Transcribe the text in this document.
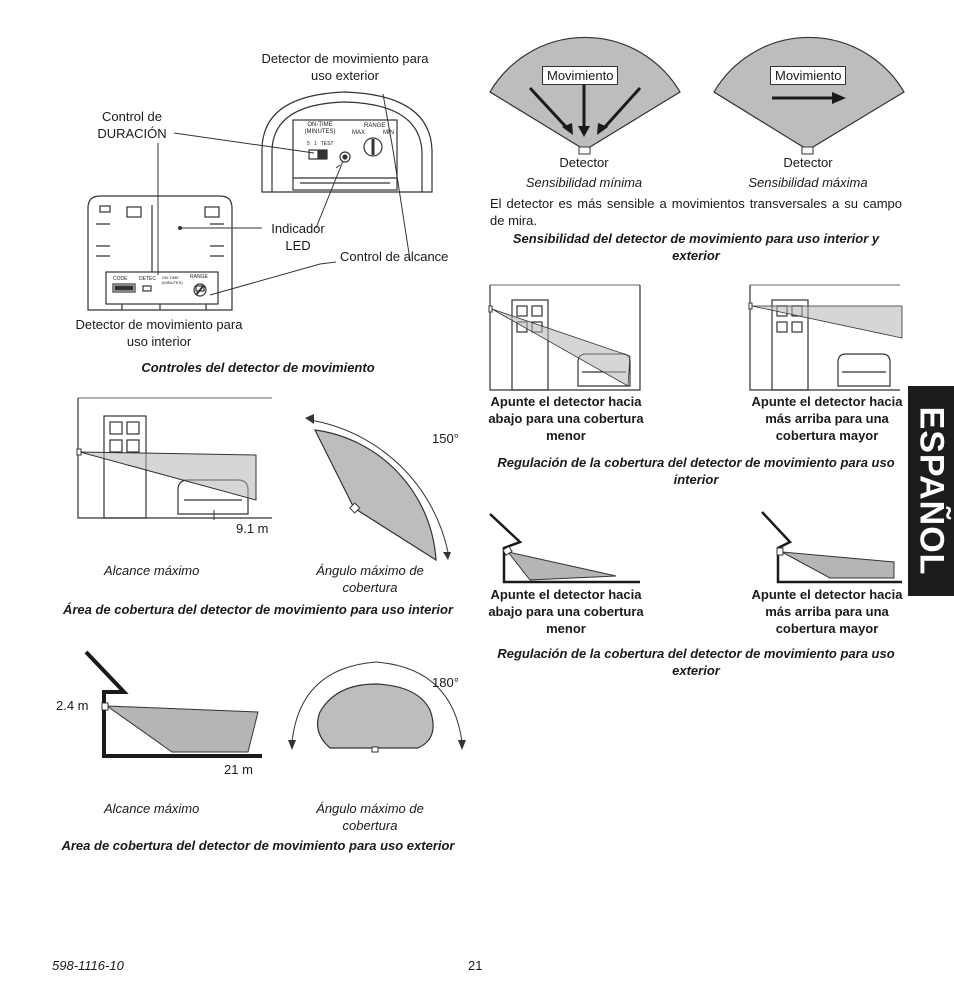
Detector de movimiento para uso exterior
ON-TIME (MINUTES)
RANGE
MAX	MIN
5   1   TEST
Control de DURACIÓN
CODE DETEC ON-TIME (MINUTES)
RANGE
Indicador LED
Control de alcance
Detector de movimiento para uso interior
Controles del detector de movimiento
9.1 m
150°
Alcance máximo	Ángulo máximo de cobertura
Área de cobertura del detector de movimiento para uso interior
2.4 m
21 m
180°
Alcance máximo	Ángulo máximo de cobertura
Area de cobertura del detector de movimiento para uso exterior
Movimiento	Movimiento
Detector	Detector
Sensibilidad mínima	Sensibilidad máxima
El detector es más sensible a movimientos transversales a su campo de mira.
Sensibilidad del detector de movimiento para uso interior y exterior
Apunte el detector hacia abajo para una cobertura menor
Apunte el detector hacia más arriba para una cobertura mayor
Regulación de la cobertura del detector de movimiento para uso interior
Apunte el detector hacia abajo para una cobertura menor
Apunte el detector hacia más arriba para una cobertura mayor
Regulación de la cobertura del detector de movimiento para uso exterior
ESPAÑOL
598-1116-10	21
